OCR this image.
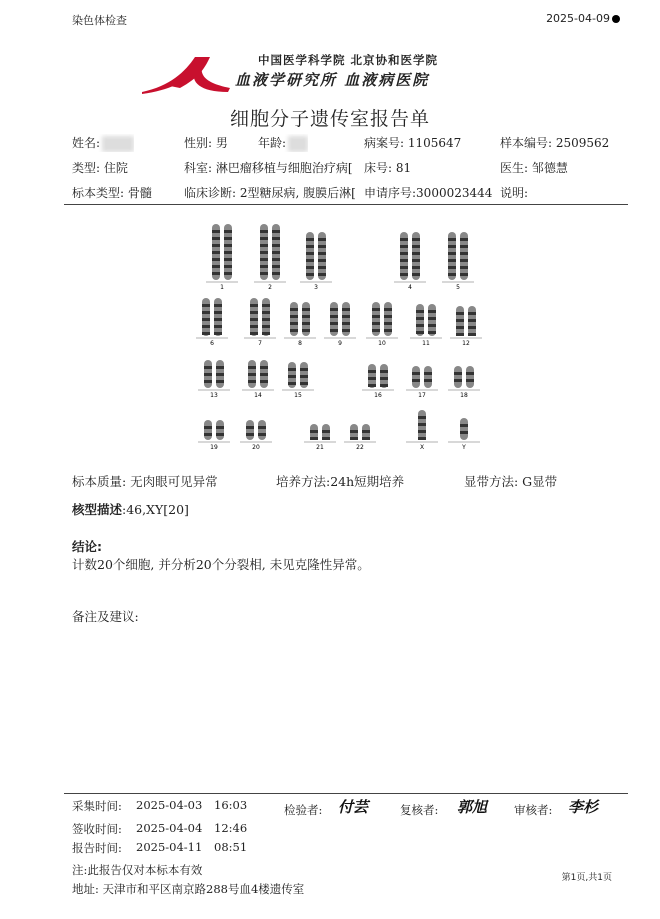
染色体检查	2025-04-09
中国医学科学院 北京协和医学院
血液学研究所 血液病医院
细胞分子遗传室报告单
姓名:	性别: 男	年龄:	病案号: 1105647	样本编号: 2509562
类型: 住院	科室: 淋巴瘤移植与细胞治疗病[ 床号: 81	医生: 邹德慧
标本类型: 骨髓	临床诊断: 2型糖尿病, 腹膜后淋[ 申请序号:3000023444 说明:
1	2	3	4	5
6	7	8	9	10	11	12
13	14	15	16	17	18
19	20	21	22	X	Y
标本质量: 无肉眼可见异常	培养方法:24h短期培养	显带方法: G显带
核型描述:46,XY[20]
结论:
计数20个细胞, 并分析20个分裂相, 未见克隆性异常。
备注及建议:
采集时间: 2025-04-03 16:03
签收时间: 2025-04-04 12:46
报告时间: 2025-04-11 08:51
检验者: 付芸	复核者: 郭旭 审核者: 李杉
注:此报告仅对本标本有效
地址: 天津市和平区南京路288号血4楼遗传室
第1页,共1页
